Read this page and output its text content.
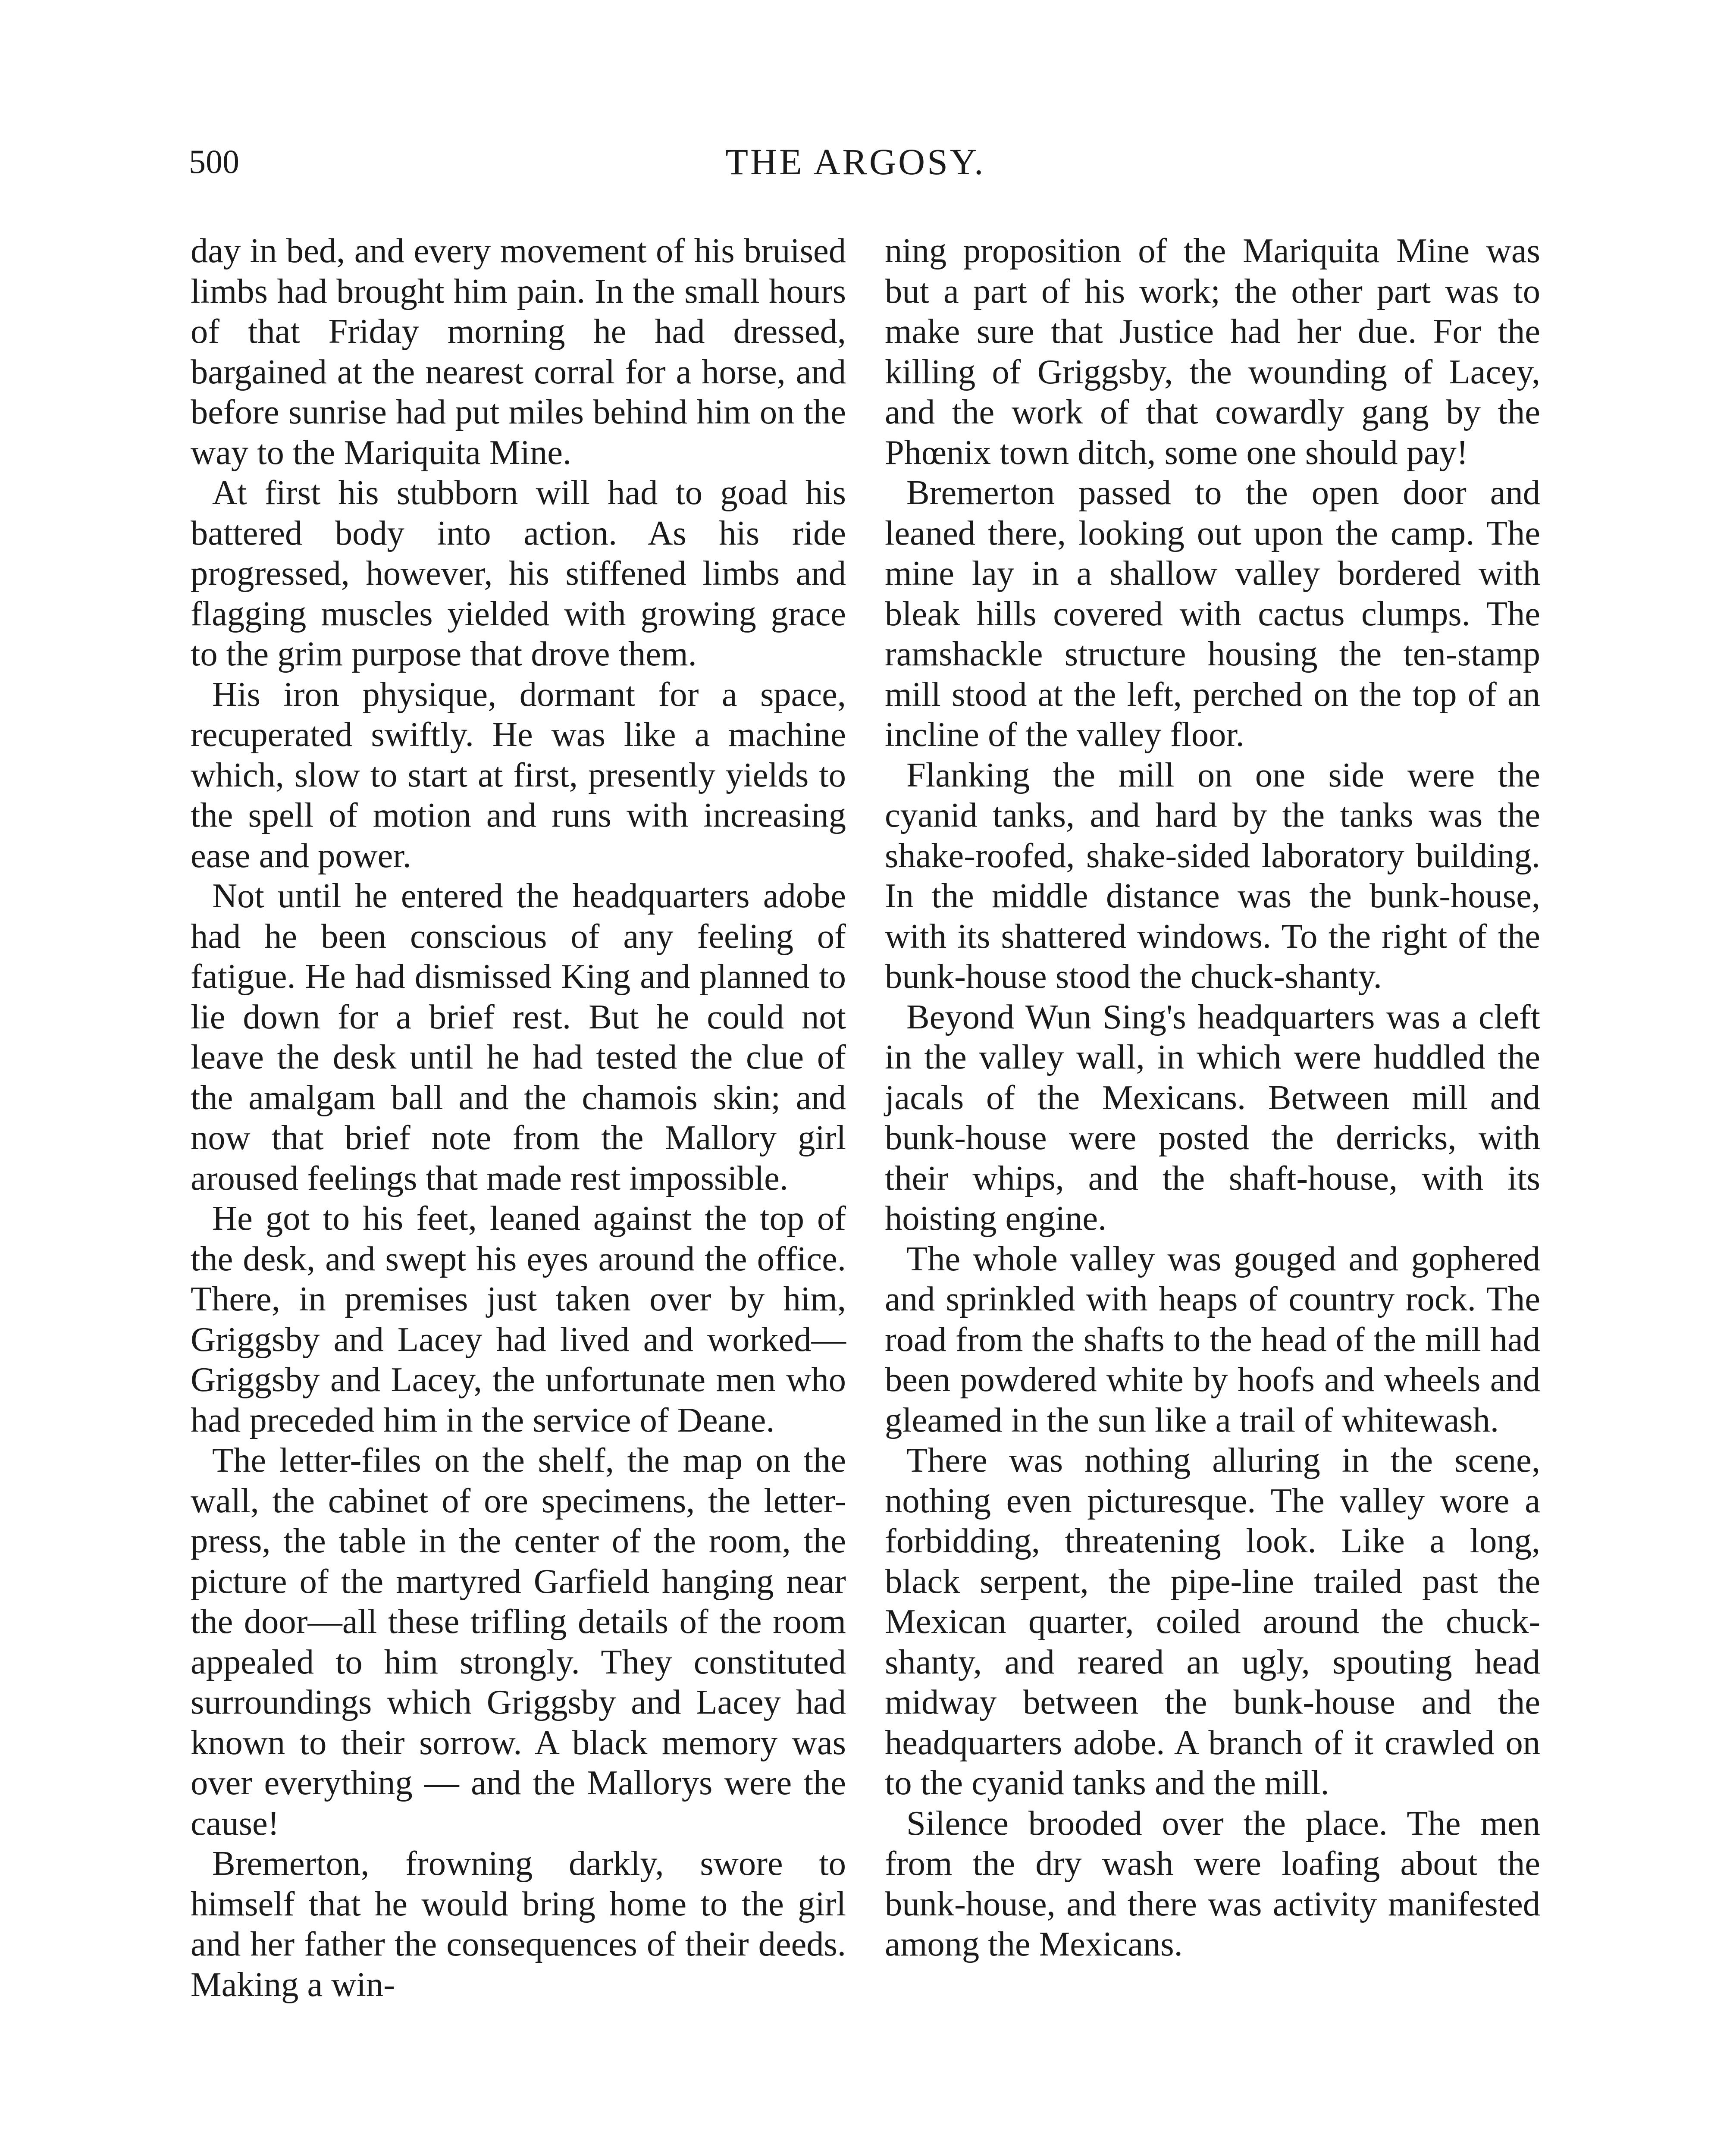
500	THE ARGOSY.

day in bed, and every movement of his bruised limbs had brought him pain. In the small hours of that Friday morning he had dressed, bargained at the nearest corral for a horse, and before sunrise had put miles behind him on the way to the Mariquita Mine.

At first his stubborn will had to goad his battered body into action. As his ride progressed, however, his stiffened limbs and flagging muscles yielded with growing grace to the grim purpose that drove them.

His iron physique, dormant for a space, recuperated swiftly. He was like a machine which, slow to start at first, presently yields to the spell of motion and runs with increasing ease and power.

Not until he entered the headquarters adobe had he been conscious of any feeling of fatigue. He had dismissed King and planned to lie down for a brief rest. But he could not leave the desk until he had tested the clue of the amalgam ball and the chamois skin; and now that brief note from the Mallory girl aroused feelings that made rest impossible.

He got to his feet, leaned against the top of the desk, and swept his eyes around the office. There, in premises just taken over by him, Griggsby and Lacey had lived and worked—Griggsby and Lacey, the unfortunate men who had preceded him in the service of Deane.

The letter-files on the shelf, the map on the wall, the cabinet of ore specimens, the letter-press, the table in the center of the room, the picture of the martyred Garfield hanging near the door—all these trifling details of the room appealed to him strongly. They constituted surroundings which Griggsby and Lacey had known to their sorrow. A black memory was over everything — and the Mallorys were the cause!

Bremerton, frowning darkly, swore to himself that he would bring home to the girl and her father the consequences of their deeds. Making a win-

ning proposition of the Mariquita Mine was but a part of his work; the other part was to make sure that Justice had her due. For the killing of Griggsby, the wounding of Lacey, and the work of that cowardly gang by the Phœnix town ditch, some one should pay!

Bremerton passed to the open door and leaned there, looking out upon the camp. The mine lay in a shallow valley bordered with bleak hills covered with cactus clumps. The ramshackle structure housing the ten-stamp mill stood at the left, perched on the top of an incline of the valley floor.

Flanking the mill on one side were the cyanid tanks, and hard by the tanks was the shake-roofed, shake-sided laboratory building. In the middle distance was the bunk-house, with its shattered windows. To the right of the bunk-house stood the chuck-shanty.

Beyond Wun Sing's headquarters was a cleft in the valley wall, in which were huddled the jacals of the Mexicans. Between mill and bunk-house were posted the derricks, with their whips, and the shaft-house, with its hoisting engine.

The whole valley was gouged and gophered and sprinkled with heaps of country rock. The road from the shafts to the head of the mill had been powdered white by hoofs and wheels and gleamed in the sun like a trail of whitewash.

There was nothing alluring in the scene, nothing even picturesque. The valley wore a forbidding, threatening look. Like a long, black serpent, the pipe-line trailed past the Mexican quarter, coiled around the chuck-shanty, and reared an ugly, spouting head midway between the bunk-house and the headquarters adobe. A branch of it crawled on to the cyanid tanks and the mill.

Silence brooded over the place. The men from the dry wash were loafing about the bunk-house, and there was activity manifested among the Mexicans.
